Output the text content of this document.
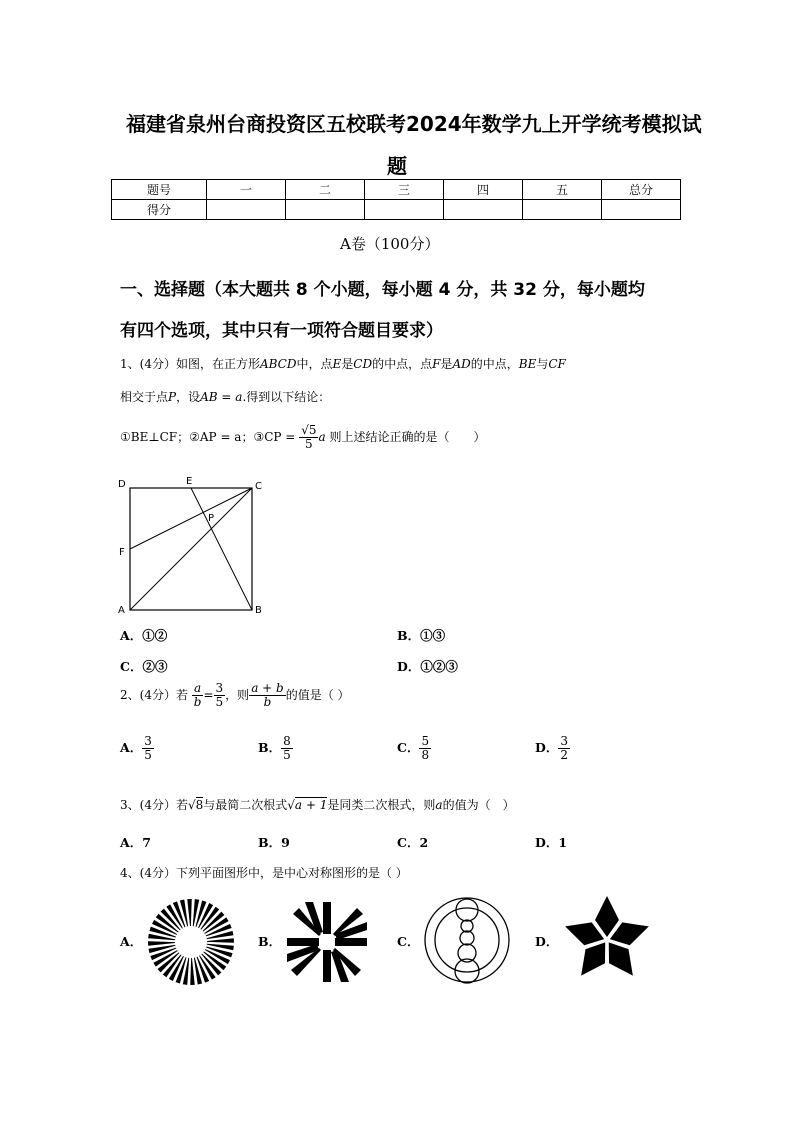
福建省泉州台商投资区五校联考2024年数学九上开学统考模拟试
题
题号	一	二	三	四	五	总分
得分						
A卷（100分）
一、选择题（本大题共 8 个小题，每小题 4 分，共 32 分，每小题均
有四个选项，其中只有一项符合题目要求）
1、(4分）如图，在正方形ABCD中，点E是CD的中点，点F是AD的中点，BE与CF
相交于点P，设AB = a.得到以下结论：
①BE⊥CF；②AP = a；③CP = $\frac{√5}{5}$ a 则上述结论正确的是（　　）
D	E	C
P
F
A	B
A．①②	B．①③
C．②③	D．①②③
2、(4分）若 $\frac{a}{b} = \frac{3}{5}$ ，则 $\frac{a + b}{b}$ 的值是（ ）
A． $\frac{3}{5}$	B． $\frac{8}{5}$	C． $\frac{5}{8}$	D． $\frac{3}{2}$
3、(4分）若√8与最简二次根式√a + 1是同类二次根式，则a的值为（　）
A．7	B．9	C．2	D．1
4、(4分）下列平面图形中，是中心对称图形的是（ ）
A．	B．	C．	D．
